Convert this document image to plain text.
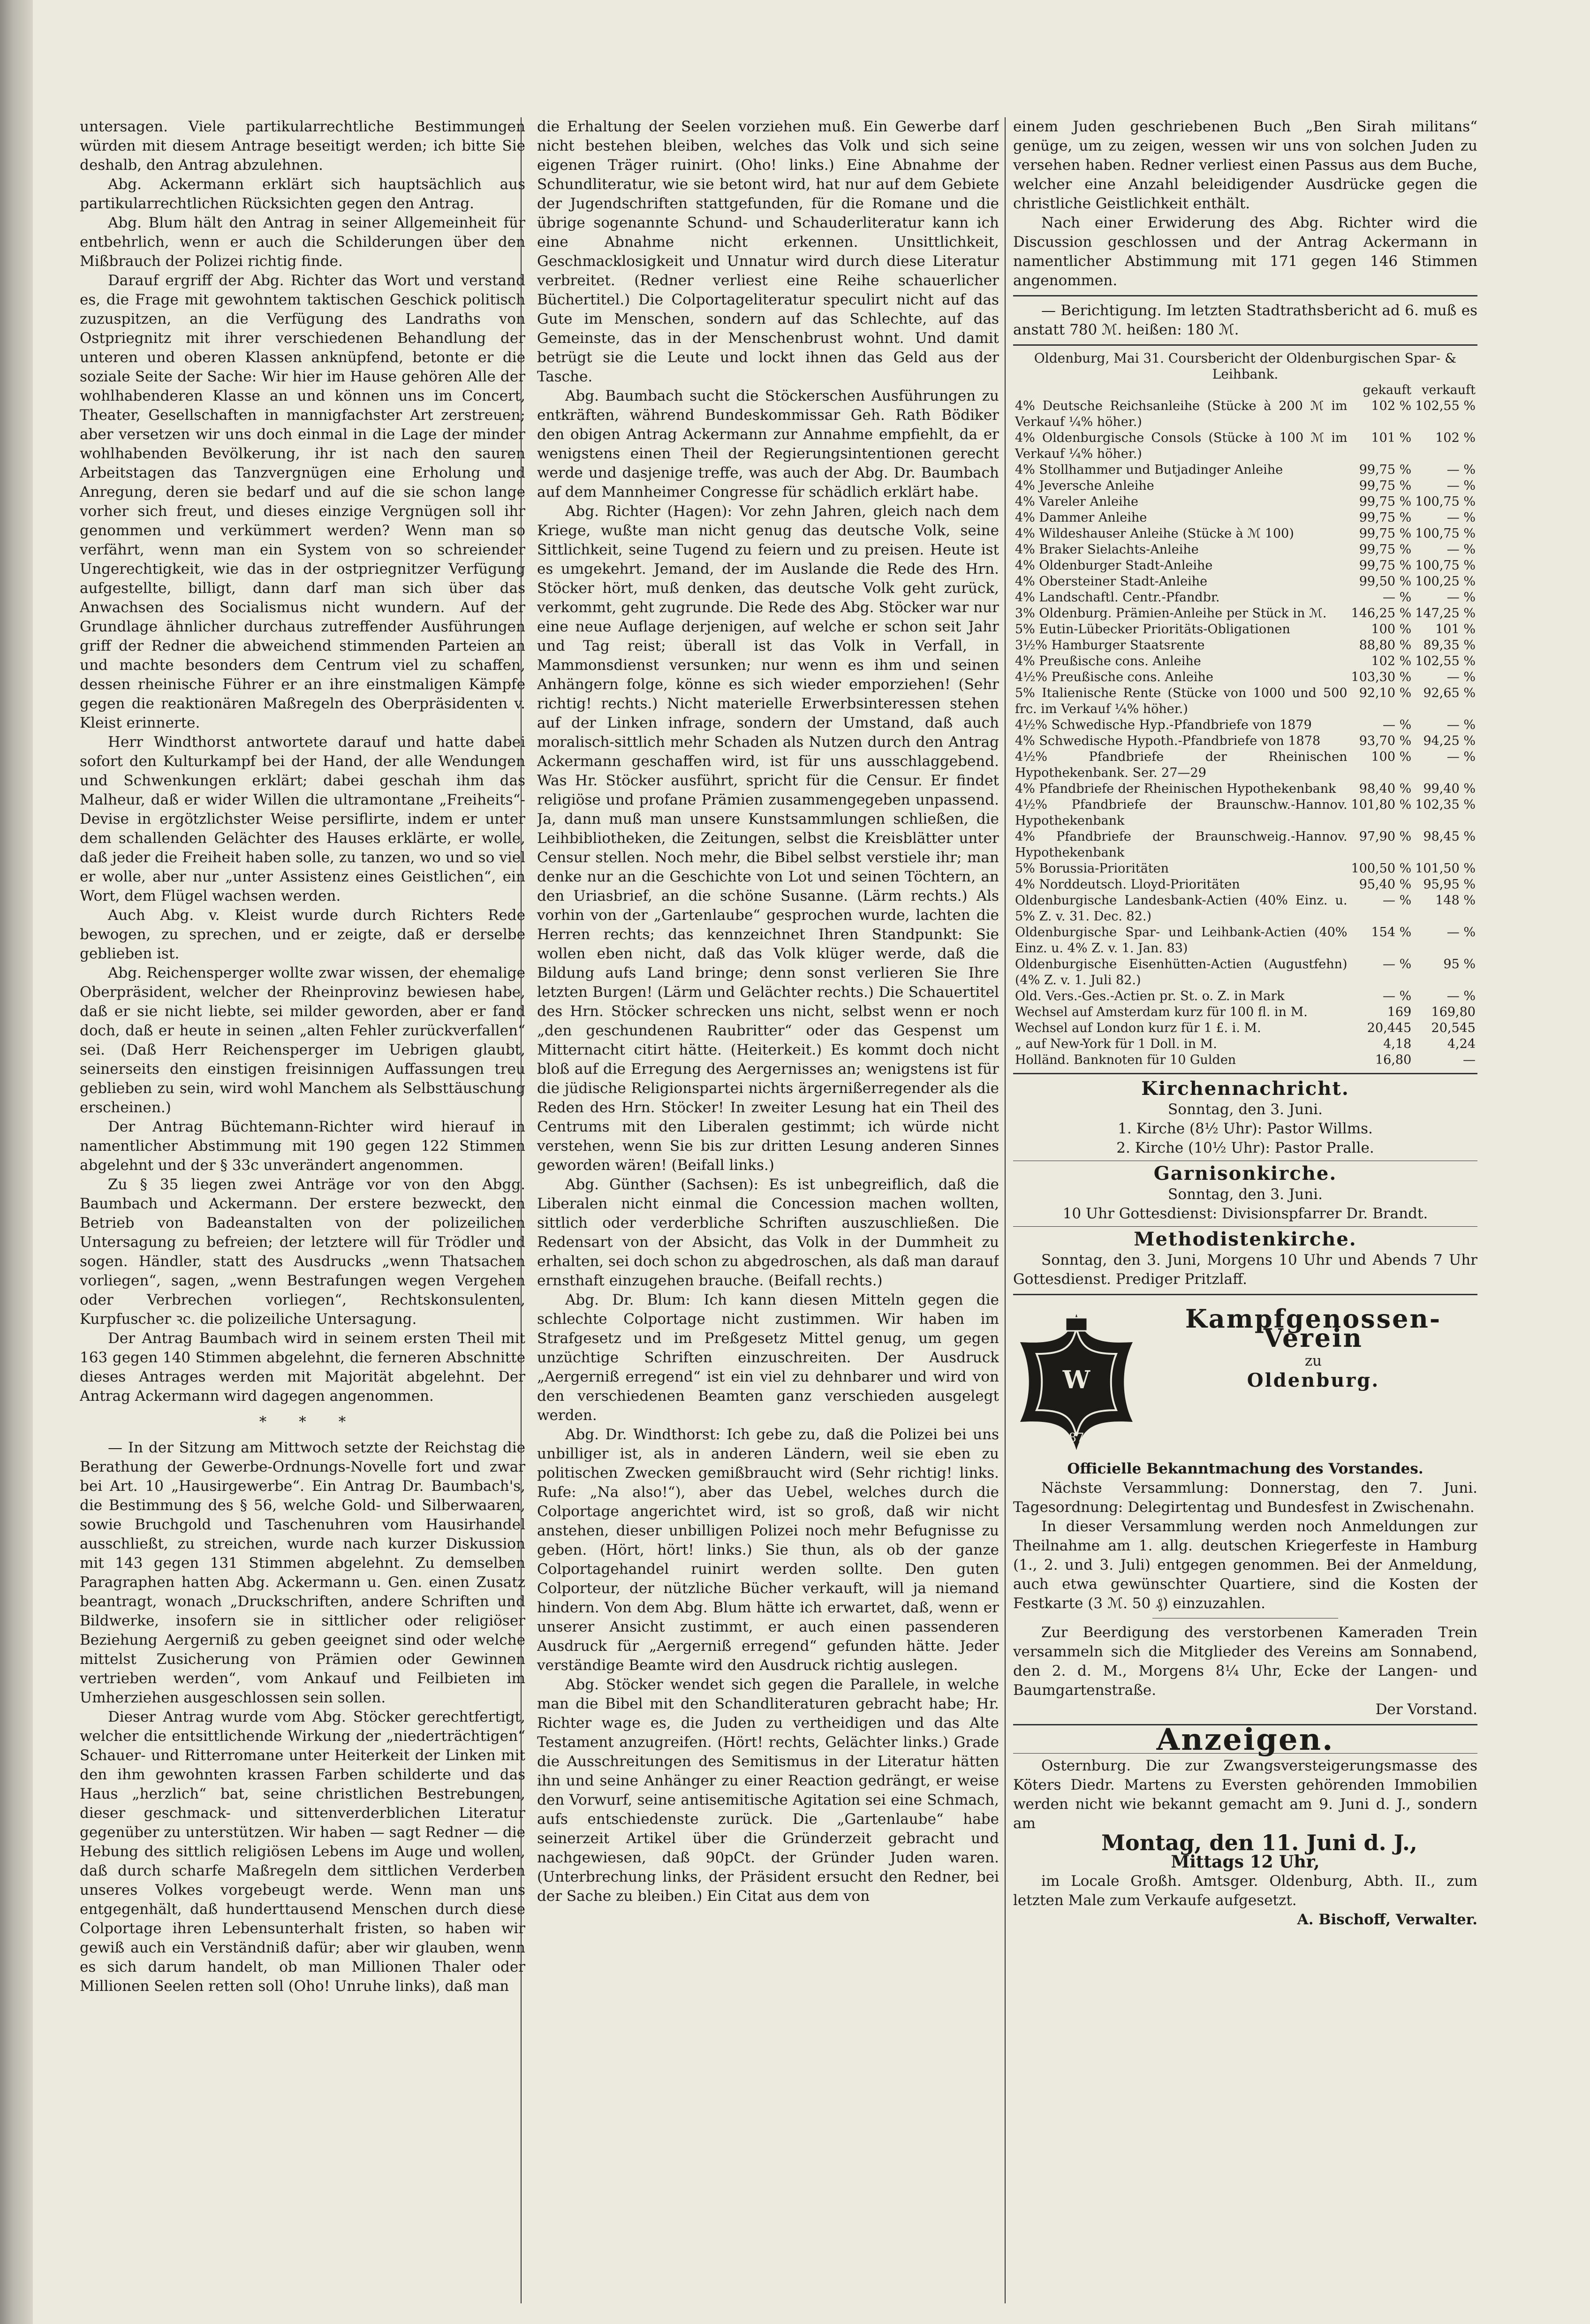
untersagen. Viele partikularrechtliche Bestimmungen würden mit diesem Antrage beseitigt werden; ich bitte Sie deshalb, den Antrag abzulehnen.

Abg. Ackermann erklärt sich hauptsächlich aus partikularrechtlichen Rücksichten gegen den Antrag.

Abg. Blum hält den Antrag in seiner Allgemeinheit für entbehrlich, wenn er auch die Schilderungen über den Mißbrauch der Polizei richtig finde.

Darauf ergriff der Abg. Richter das Wort und verstand es, die Frage mit gewohntem taktischen Geschick politisch zuzuspitzen, an die Verfügung des Landraths von Ostpriegnitz mit ihrer verschiedenen Behandlung der unteren und oberen Klassen anknüpfend, betonte er die soziale Seite der Sache: Wir hier im Hause gehören Alle der wohlhabenderen Klasse an und können uns im Concert, Theater, Gesellschaften in mannigfachster Art zerstreuen; aber versetzen wir uns doch einmal in die Lage der minder wohlhabenden Bevölkerung, ihr ist nach den sauren Arbeitstagen das Tanzvergnügen eine Erholung und Anregung, deren sie bedarf und auf die sie schon lange vorher sich freut, und dieses einzige Vergnügen soll ihr genommen und verkümmert werden? Wenn man so verfährt, wenn man ein System von so schreiender Ungerechtigkeit, wie das in der ostpriegnitzer Verfügung aufgestellte, billigt, dann darf man sich über das Anwachsen des Socialismus nicht wundern. Auf der Grundlage ähnlicher durchaus zutreffender Ausführungen griff der Redner die abweichend stimmenden Parteien an und machte besonders dem Centrum viel zu schaffen, dessen rheinische Führer er an ihre einstmaligen Kämpfe gegen die reaktionären Maßregeln des Oberpräsidenten v. Kleist erinnerte.

Herr Windthorst antwortete darauf und hatte dabei sofort den Kulturkampf bei der Hand, der alle Wendungen und Schwenkungen erklärt; dabei geschah ihm das Malheur, daß er wider Willen die ultramontane „Freiheits“-Devise in ergötzlichster Weise persiflirte, indem er unter dem schallenden Gelächter des Hauses erklärte, er wolle, daß jeder die Freiheit haben solle, zu tanzen, wo und so viel er wolle, aber nur „unter Assistenz eines Geistlichen“, ein Wort, dem Flügel wachsen werden.

Auch Abg. v. Kleist wurde durch Richters Rede bewogen, zu sprechen, und er zeigte, daß er derselbe geblieben ist.

Abg. Reichensperger wollte zwar wissen, der ehemalige Oberpräsident, welcher der Rheinprovinz bewiesen habe, daß er sie nicht liebte, sei milder geworden, aber er fand doch, daß er heute in seinen „alten Fehler zurückverfallen“ sei. (Daß Herr Reichensperger im Uebrigen glaubt, seinerseits den einstigen freisinnigen Auffassungen treu geblieben zu sein, wird wohl Manchem als Selbsttäuschung erscheinen.)

Der Antrag Büchtemann-Richter wird hierauf in namentlicher Abstimmung mit 190 gegen 122 Stimmen abgelehnt und der § 33c unverändert angenommen.

Zu § 35 liegen zwei Anträge vor von den Abgg. Baumbach und Ackermann. Der erstere bezweckt, den Betrieb von Badeanstalten von der polizeilichen Untersagung zu befreien; der letztere will für Trödler und sogen. Händler, statt des Ausdrucks „wenn Thatsachen vorliegen“, sagen, „wenn Bestrafungen wegen Vergehen oder Verbrechen vorliegen“, Rechtskonsulenten, Kurpfuscher ꝛc. die polizeiliche Untersagung.

Der Antrag Baumbach wird in seinem ersten Theil mit 163 gegen 140 Stimmen abgelehnt, die ferneren Abschnitte dieses Antrages werden mit Majorität abgelehnt. Der Antrag Ackermann wird dagegen angenommen.

*       *       *

— In der Sitzung am Mittwoch setzte der Reichstag die Berathung der Gewerbe-Ordnungs-Novelle fort und zwar bei Art. 10 „Hausirgewerbe“. Ein Antrag Dr. Baumbach's, die Bestimmung des § 56, welche Gold- und Silberwaaren, sowie Bruchgold und Taschenuhren vom Hausirhandel ausschließt, zu streichen, wurde nach kurzer Diskussion mit 143 gegen 131 Stimmen abgelehnt. Zu demselben Paragraphen hatten Abg. Ackermann u. Gen. einen Zusatz beantragt, wonach „Druckschriften, andere Schriften und Bildwerke, insofern sie in sittlicher oder religiöser Beziehung Aergerniß zu geben geeignet sind oder welche mittelst Zusicherung von Prämien oder Gewinnen vertrieben werden“, vom Ankauf und Feilbieten im Umherziehen ausgeschlossen sein sollen.

Dieser Antrag wurde vom Abg. Stöcker gerechtfertigt, welcher die entsittlichende Wirkung der „niederträchtigen“ Schauer- und Ritterromane unter Heiterkeit der Linken mit den ihm gewohnten krassen Farben schilderte und das Haus „herzlich“ bat, seine christlichen Bestrebungen, dieser geschmack- und sittenverderblichen Literatur gegenüber zu unterstützen. Wir haben — sagt Redner — die Hebung des sittlich religiösen Lebens im Auge und wollen, daß durch scharfe Maßregeln dem sittlichen Verderben unseres Volkes vorgebeugt werde. Wenn man uns entgegenhält, daß hunderttausend Menschen durch diese Colportage ihren Lebensunterhalt fristen, so haben wir gewiß auch ein Verständniß dafür; aber wir glauben, wenn es sich darum handelt, ob man Millionen Thaler oder Millionen Seelen retten soll (Oho! Unruhe links), daß man

die Erhaltung der Seelen vorziehen muß. Ein Gewerbe darf nicht bestehen bleiben, welches das Volk und sich seine eigenen Träger ruinirt. (Oho! links.) Eine Abnahme der Schundliteratur, wie sie betont wird, hat nur auf dem Gebiete der Jugendschriften stattgefunden, für die Romane und die übrige sogenannte Schund- und Schauderliteratur kann ich eine Abnahme nicht erkennen. Unsittlichkeit, Geschmacklosigkeit und Unnatur wird durch diese Literatur verbreitet. (Redner verliest eine Reihe schauerlicher Büchertitel.) Die Colportageliteratur speculirt nicht auf das Gute im Menschen, sondern auf das Schlechte, auf das Gemeinste, das in der Menschenbrust wohnt. Und damit betrügt sie die Leute und lockt ihnen das Geld aus der Tasche.

Abg. Baumbach sucht die Stöckerschen Ausführungen zu entkräften, während Bundeskommissar Geh. Rath Bödiker den obigen Antrag Ackermann zur Annahme empfiehlt, da er wenigstens einen Theil der Regierungsintentionen gerecht werde und dasjenige treffe, was auch der Abg. Dr. Baumbach auf dem Mannheimer Congresse für schädlich erklärt habe.

Abg. Richter (Hagen): Vor zehn Jahren, gleich nach dem Kriege, wußte man nicht genug das deutsche Volk, seine Sittlichkeit, seine Tugend zu feiern und zu preisen. Heute ist es umgekehrt. Jemand, der im Auslande die Rede des Hrn. Stöcker hört, muß denken, das deutsche Volk geht zurück, verkommt, geht zugrunde. Die Rede des Abg. Stöcker war nur eine neue Auflage derjenigen, auf welche er schon seit Jahr und Tag reist; überall ist das Volk in Verfall, in Mammonsdienst versunken; nur wenn es ihm und seinen Anhängern folge, könne es sich wieder emporziehen! (Sehr richtig! rechts.) Nicht materielle Erwerbsinteressen stehen auf der Linken infrage, sondern der Umstand, daß auch moralisch-sittlich mehr Schaden als Nutzen durch den Antrag Ackermann geschaffen wird, ist für uns ausschlaggebend. Was Hr. Stöcker ausführt, spricht für die Censur. Er findet religiöse und profane Prämien zusammengegeben unpassend. Ja, dann muß man unsere Kunstsammlungen schließen, die Leihbibliotheken, die Zeitungen, selbst die Kreisblätter unter Censur stellen. Noch mehr, die Bibel selbst verstiele ihr; man denke nur an die Geschichte von Lot und seinen Töchtern, an den Uriasbrief, an die schöne Susanne. (Lärm rechts.) Als vorhin von der „Gartenlaube“ gesprochen wurde, lachten die Herren rechts; das kennzeichnet Ihren Standpunkt: Sie wollen eben nicht, daß das Volk klüger werde, daß die Bildung aufs Land bringe; denn sonst verlieren Sie Ihre letzten Burgen! (Lärm und Gelächter rechts.) Die Schauertitel des Hrn. Stöcker schrecken uns nicht, selbst wenn er noch „den geschundenen Raubritter“ oder das Gespenst um Mitternacht citirt hätte. (Heiterkeit.) Es kommt doch nicht bloß auf die Erregung des Aergernisses an; wenigstens ist für die jüdische Religionspartei nichts ärgernißerregender als die Reden des Hrn. Stöcker! In zweiter Lesung hat ein Theil des Centrums mit den Liberalen gestimmt; ich würde nicht verstehen, wenn Sie bis zur dritten Lesung anderen Sinnes geworden wären! (Beifall links.)

Abg. Günther (Sachsen): Es ist unbegreiflich, daß die Liberalen nicht einmal die Concession machen wollten, sittlich oder verderbliche Schriften auszuschließen. Die Redensart von der Absicht, das Volk in der Dummheit zu erhalten, sei doch schon zu abgedroschen, als daß man darauf ernsthaft einzugehen brauche. (Beifall rechts.)

Abg. Dr. Blum: Ich kann diesen Mitteln gegen die schlechte Colportage nicht zustimmen. Wir haben im Strafgesetz und im Preßgesetz Mittel genug, um gegen unzüchtige Schriften einzuschreiten. Der Ausdruck „Aergerniß erregend“ ist ein viel zu dehnbarer und wird von den verschiedenen Beamten ganz verschieden ausgelegt werden.

Abg. Dr. Windthorst: Ich gebe zu, daß die Polizei bei uns unbilliger ist, als in anderen Ländern, weil sie eben zu politischen Zwecken gemißbraucht wird (Sehr richtig! links. Rufe: „Na also!“), aber das Uebel, welches durch die Colportage angerichtet wird, ist so groß, daß wir nicht anstehen, dieser unbilligen Polizei noch mehr Befugnisse zu geben. (Hört, hört! links.) Sie thun, als ob der ganze Colportagehandel ruinirt werden sollte. Den guten Colporteur, der nützliche Bücher verkauft, will ja niemand hindern. Von dem Abg. Blum hätte ich erwartet, daß, wenn er unserer Ansicht zustimmt, er auch einen passenderen Ausdruck für „Aergerniß erregend“ gefunden hätte. Jeder verständige Beamte wird den Ausdruck richtig auslegen.

Abg. Stöcker wendet sich gegen die Parallele, in welche man die Bibel mit den Schandliteraturen gebracht habe; Hr. Richter wage es, die Juden zu vertheidigen und das Alte Testament anzugreifen. (Hört! rechts, Gelächter links.) Grade die Ausschreitungen des Semitismus in der Literatur hätten ihn und seine Anhänger zu einer Reaction gedrängt, er weise den Vorwurf, seine antisemitische Agitation sei eine Schmach, aufs entschiedenste zurück. Die „Gartenlaube“ habe seinerzeit Artikel über die Gründerzeit gebracht und nachgewiesen, daß 90pCt. der Gründer Juden waren. (Unterbrechung links, der Präsident ersucht den Redner, bei der Sache zu bleiben.) Ein Citat aus dem von

einem Juden geschriebenen Buch „Ben Sirah militans“ genüge, um zu zeigen, wessen wir uns von solchen Juden zu versehen haben. Redner verliest einen Passus aus dem Buche, welcher eine Anzahl beleidigender Ausdrücke gegen die christliche Geistlichkeit enthält.

Nach einer Erwiderung des Abg. Richter wird die Discussion geschlossen und der Antrag Ackermann in namentlicher Abstimmung mit 171 gegen 146 Stimmen angenommen.

— Berichtigung. Im letzten Stadtrathsbericht ad 6. muß es anstatt 780 ℳ. heißen: 180 ℳ.

Oldenburg, Mai 31. Coursbericht der Oldenburgischen Spar- & Leihbank.

	gekauft	verkauft
4% Deutsche Reichsanleihe (Stücke à 200 ℳ im Verkauf ¼% höher.)	102 %	102,55 %
4% Oldenburgische Consols (Stücke à 100 ℳ im Verkauf ¼% höher.)	101 %	102 %
4% Stollhammer und Butjadinger Anleihe	99,75 %	— %
4% Jeversche Anleihe	99,75 %	— %
4% Vareler Anleihe	99,75 %	100,75 %
4% Dammer Anleihe	99,75 %	— %
4% Wildeshauser Anleihe (Stücke à ℳ 100)	99,75 %	100,75 %
4% Braker Sielachts-Anleihe	99,75 %	— %
4% Oldenburger Stadt-Anleihe	99,75 %	100,75 %
4% Obersteiner Stadt-Anleihe	99,50 %	100,25 %
4% Landschaftl. Centr.-Pfandbr.	— %	— %
3% Oldenburg. Prämien-Anleihe per Stück in ℳ.	146,25 %	147,25 %
5% Eutin-Lübecker Prioritäts-Obligationen	100 %	101 %
3½% Hamburger Staatsrente	88,80 %	89,35 %
4% Preußische cons. Anleihe	102 %	102,55 %
4½% Preußische cons. Anleihe	103,30 %	— %
5% Italienische Rente (Stücke von 1000 und 500 frc. im Verkauf ¼% höher.)	92,10 %	92,65 %
4½% Schwedische Hyp.-Pfandbriefe von 1879	— %	— %
4% Schwedische Hypoth.-Pfandbriefe von 1878	93,70 %	94,25 %
4½% Pfandbriefe der Rheinischen Hypothekenbank. Ser. 27—29	100 %	— %
4% Pfandbriefe der Rheinischen Hypothekenbank	98,40 %	99,40 %
4½% Pfandbriefe der Braunschw.-Hannov. Hypothekenbank	101,80 %	102,35 %
4% Pfandbriefe der Braunschweig.-Hannov. Hypothekenbank	97,90 %	98,45 %
5% Borussia-Prioritäten	100,50 %	101,50 %
4% Norddeutsch. Lloyd-Prioritäten	95,40 %	95,95 %
Oldenburgische Landesbank-Actien (40% Einz. u. 5% Z. v. 31. Dec. 82.)	— %	148 %
Oldenburgische Spar- und Leihbank-Actien (40% Einz. u. 4% Z. v. 1. Jan. 83)	154 %	— %
Oldenburgische Eisenhütten-Actien (Augustfehn) (4% Z. v. 1. Juli 82.)	— %	95 %
Old. Vers.-Ges.-Actien pr. St. o. Z. in Mark	— %	— %
Wechsel auf Amsterdam kurz für 100 fl. in M.	169	169,80
Wechsel auf London kurz für 1 £. i. M.	20,445	20,545
„ auf New-York für 1 Doll. in M.	4,18	4,24
Holländ. Banknoten für 10 Gulden	16,80	—
Kirchennachricht.

Sonntag, den 3. Juni.

1. Kirche (8½ Uhr): Pastor Willms.

2. Kirche (10½ Uhr): Pastor Pralle.

Garnisonkirche.

Sonntag, den 3. Juni.

10 Uhr Gottesdienst: Divisionspfarrer Dr. Brandt.

Methodistenkirche.

Sonntag, den 3. Juni, Morgens 10 Uhr und Abends 7 Uhr Gottesdienst. Prediger Pritzlaff.

W
1870
Kampfgenossen-Verein

zu

Oldenburg.

Officielle Bekanntmachung des Vorstandes.

Nächste Versammlung: Donnerstag, den 7. Juni. Tagesordnung: Delegirtentag und Bundesfest in Zwischenahn.

In dieser Versammlung werden noch Anmeldungen zur Theilnahme am 1. allg. deutschen Kriegerfeste in Hamburg (1., 2. und 3. Juli) entgegen genommen. Bei der Anmeldung, auch etwa gewünschter Quartiere, sind die Kosten der Festkarte (3 ℳ. 50 ₰) einzuzahlen.

Zur Beerdigung des verstorbenen Kameraden Trein versammeln sich die Mitglieder des Vereins am Sonnabend, den 2. d. M., Morgens 8¼ Uhr, Ecke der Langen- und Baumgartenstraße.

Der Vorstand.

Anzeigen.

Osternburg. Die zur Zwangsversteigerungsmasse des Köters Diedr. Martens zu Eversten gehörenden Immobilien werden nicht wie bekannt gemacht am 9. Juni d. J., sondern am

Montag, den 11. Juni d. J.,

Mittags 12 Uhr,

im Locale Großh. Amtsger. Oldenburg, Abth. II., zum letzten Male zum Verkaufe aufgesetzt.

A. Bischoff, Verwalter.
